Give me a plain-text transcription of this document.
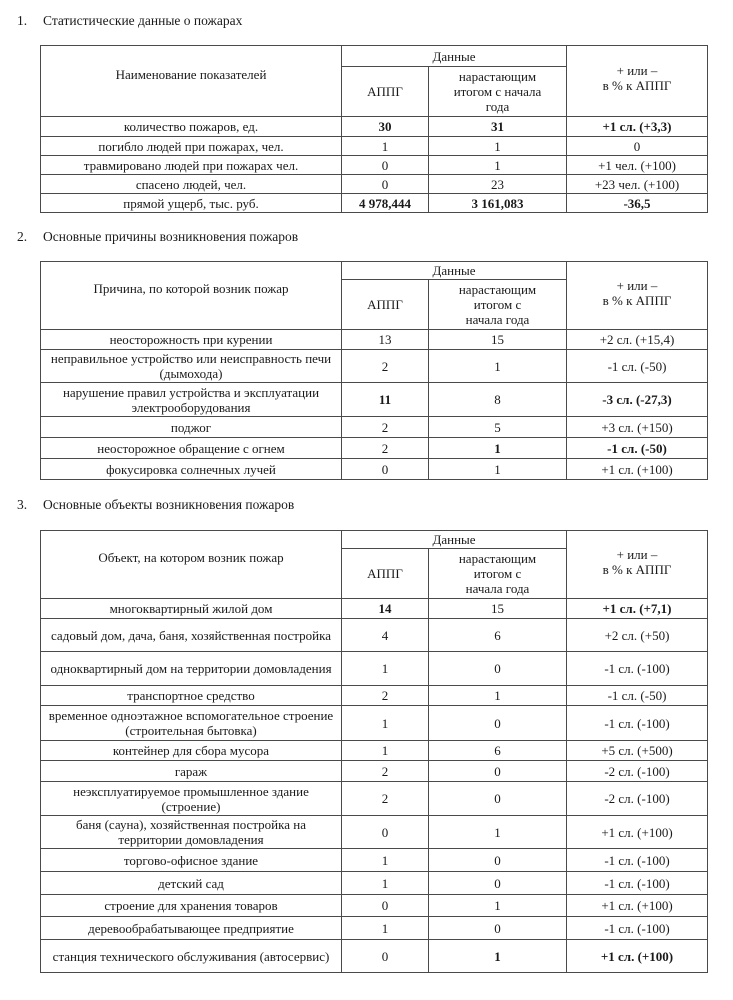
1. Статистические данные о пожарах
Наименование показателей	Данные		+ или –
в % к АППГ
	АППГ	нарастающим итогом с начала года	
количество пожаров, ед.	30	31	+1 сл. (+3,3)
погибло людей при пожарах, чел.	1	1	0
травмировано людей при пожарах чел.	0	1	+1 чел. (+100)
спасено людей, чел.	0	23	+23 чел. (+100)
прямой ущерб, тыс. руб.	4 978,444	3 161,083	-36,5
2. Основные причины возникновения пожаров
Причина, по которой возник пожар	Данные		+ или –
в % к АППГ
	АППГ	нарастающим итогом с начала года	
неосторожность при курении	13	15	+2 сл. (+15,4)
неправильное устройство или неисправность печи (дымохода)	2	1	-1 сл. (-50)
нарушение правил устройства и эксплуатации электрооборудования	11	8	-3 сл. (-27,3)
поджог	2	5	+3 сл. (+150)
неосторожное обращение с огнем	2	1	-1 сл. (-50)
фокусировка солнечных лучей	0	1	+1 сл. (+100)
3. Основные объекты возникновения пожаров
Объект, на котором возник пожар	Данные		+ или –
в % к АППГ
	АППГ	нарастающим итогом с начала года	
многоквартирный жилой дом	14	15	+1 сл. (+7,1)
садовый дом, дача, баня, хозяйственная постройка	4	6	+2 сл. (+50)
одноквартирный дом на территории домовладения	1	0	-1 сл. (-100)
транспортное средство	2	1	-1 сл. (-50)
временное одноэтажное вспомогательное строение (строительная бытовка)	1	0	-1 сл. (-100)
контейнер для сбора мусора	1	6	+5 сл. (+500)
гараж	2	0	-2 сл. (-100)
неэксплуатируемое промышленное здание (строение)	2	0	-2 сл. (-100)
баня (сауна), хозяйственная постройка на территории домовладения	0	1	+1 сл. (+100)
торгово-офисное здание	1	0	-1 сл. (-100)
детский сад	1	0	-1 сл. (-100)
строение для хранения товаров	0	1	+1 сл. (+100)
деревообрабатывающее предприятие	1	0	-1 сл. (-100)
станция технического обслуживания (автосервис)	0	1	+1 сл. (+100)
